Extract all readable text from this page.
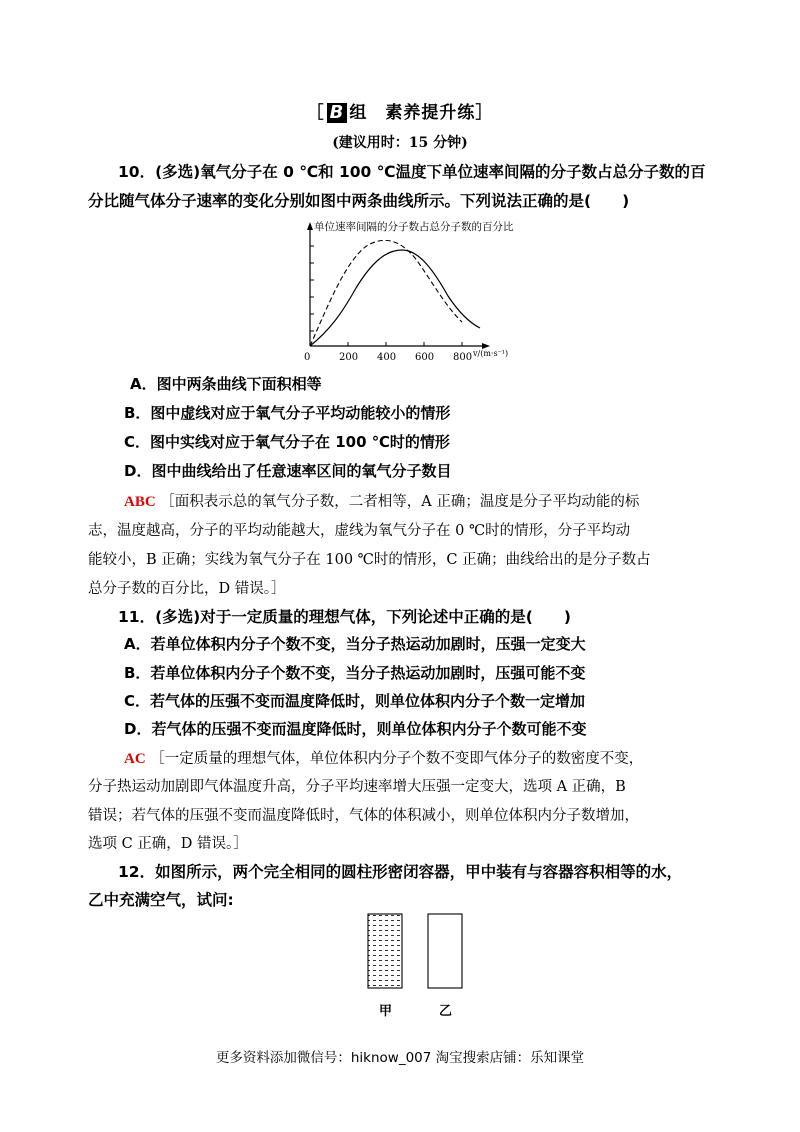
［ B 组　素养提升练］
(建议用时：15 分钟)
10．(多选)氧气分子在 0 ℃和 100 ℃温度下单位速率间隔的分子数占总分子数的百
分比随气体分子速率的变化分别如图中两条曲线所示。下列说法正确的是(　　)
单位速率间隔的分子数占总分子数的百分比
0	200 400 600 800 v/(m·s⁻¹)
A．图中两条曲线下面积相等
B．图中虚线对应于氧气分子平均动能较小的情形
C．图中实线对应于氧气分子在 100 ℃时的情形
D．图中曲线给出了任意速率区间的氧气分子数目
ABC ［面积表示总的氧气分子数，二者相等，A 正确；温度是分子平均动能的标
志，温度越高，分子的平均动能越大，虚线为氧气分子在 0 ℃时的情形，分子平均动
能较小，B 正确；实线为氧气分子在 100 ℃时的情形，C 正确；曲线给出的是分子数占
总分子数的百分比，D 错误。］
11．(多选)对于一定质量的理想气体，下列论述中正确的是(　　)
A．若单位体积内分子个数不变，当分子热运动加剧时，压强一定变大
B．若单位体积内分子个数不变，当分子热运动加剧时，压强可能不变
C．若气体的压强不变而温度降低时，则单位体积内分子个数一定增加
D．若气体的压强不变而温度降低时，则单位体积内分子个数可能不变
AC ［一定质量的理想气体，单位体积内分子个数不变即气体分子的数密度不变，
分子热运动加剧即气体温度升高，分子平均速率增大压强一定变大，选项 A 正确，B
错误；若气体的压强不变而温度降低时，气体的体积减小，则单位体积内分子数增加，
选项 C 正确，D 错误。］
12．如图所示，两个完全相同的圆柱形密闭容器，甲中装有与容器容积相等的水，
乙中充满空气，试问:
甲	乙
更多资料添加微信号：hiknow_007 淘宝搜索店铺：乐知课堂
